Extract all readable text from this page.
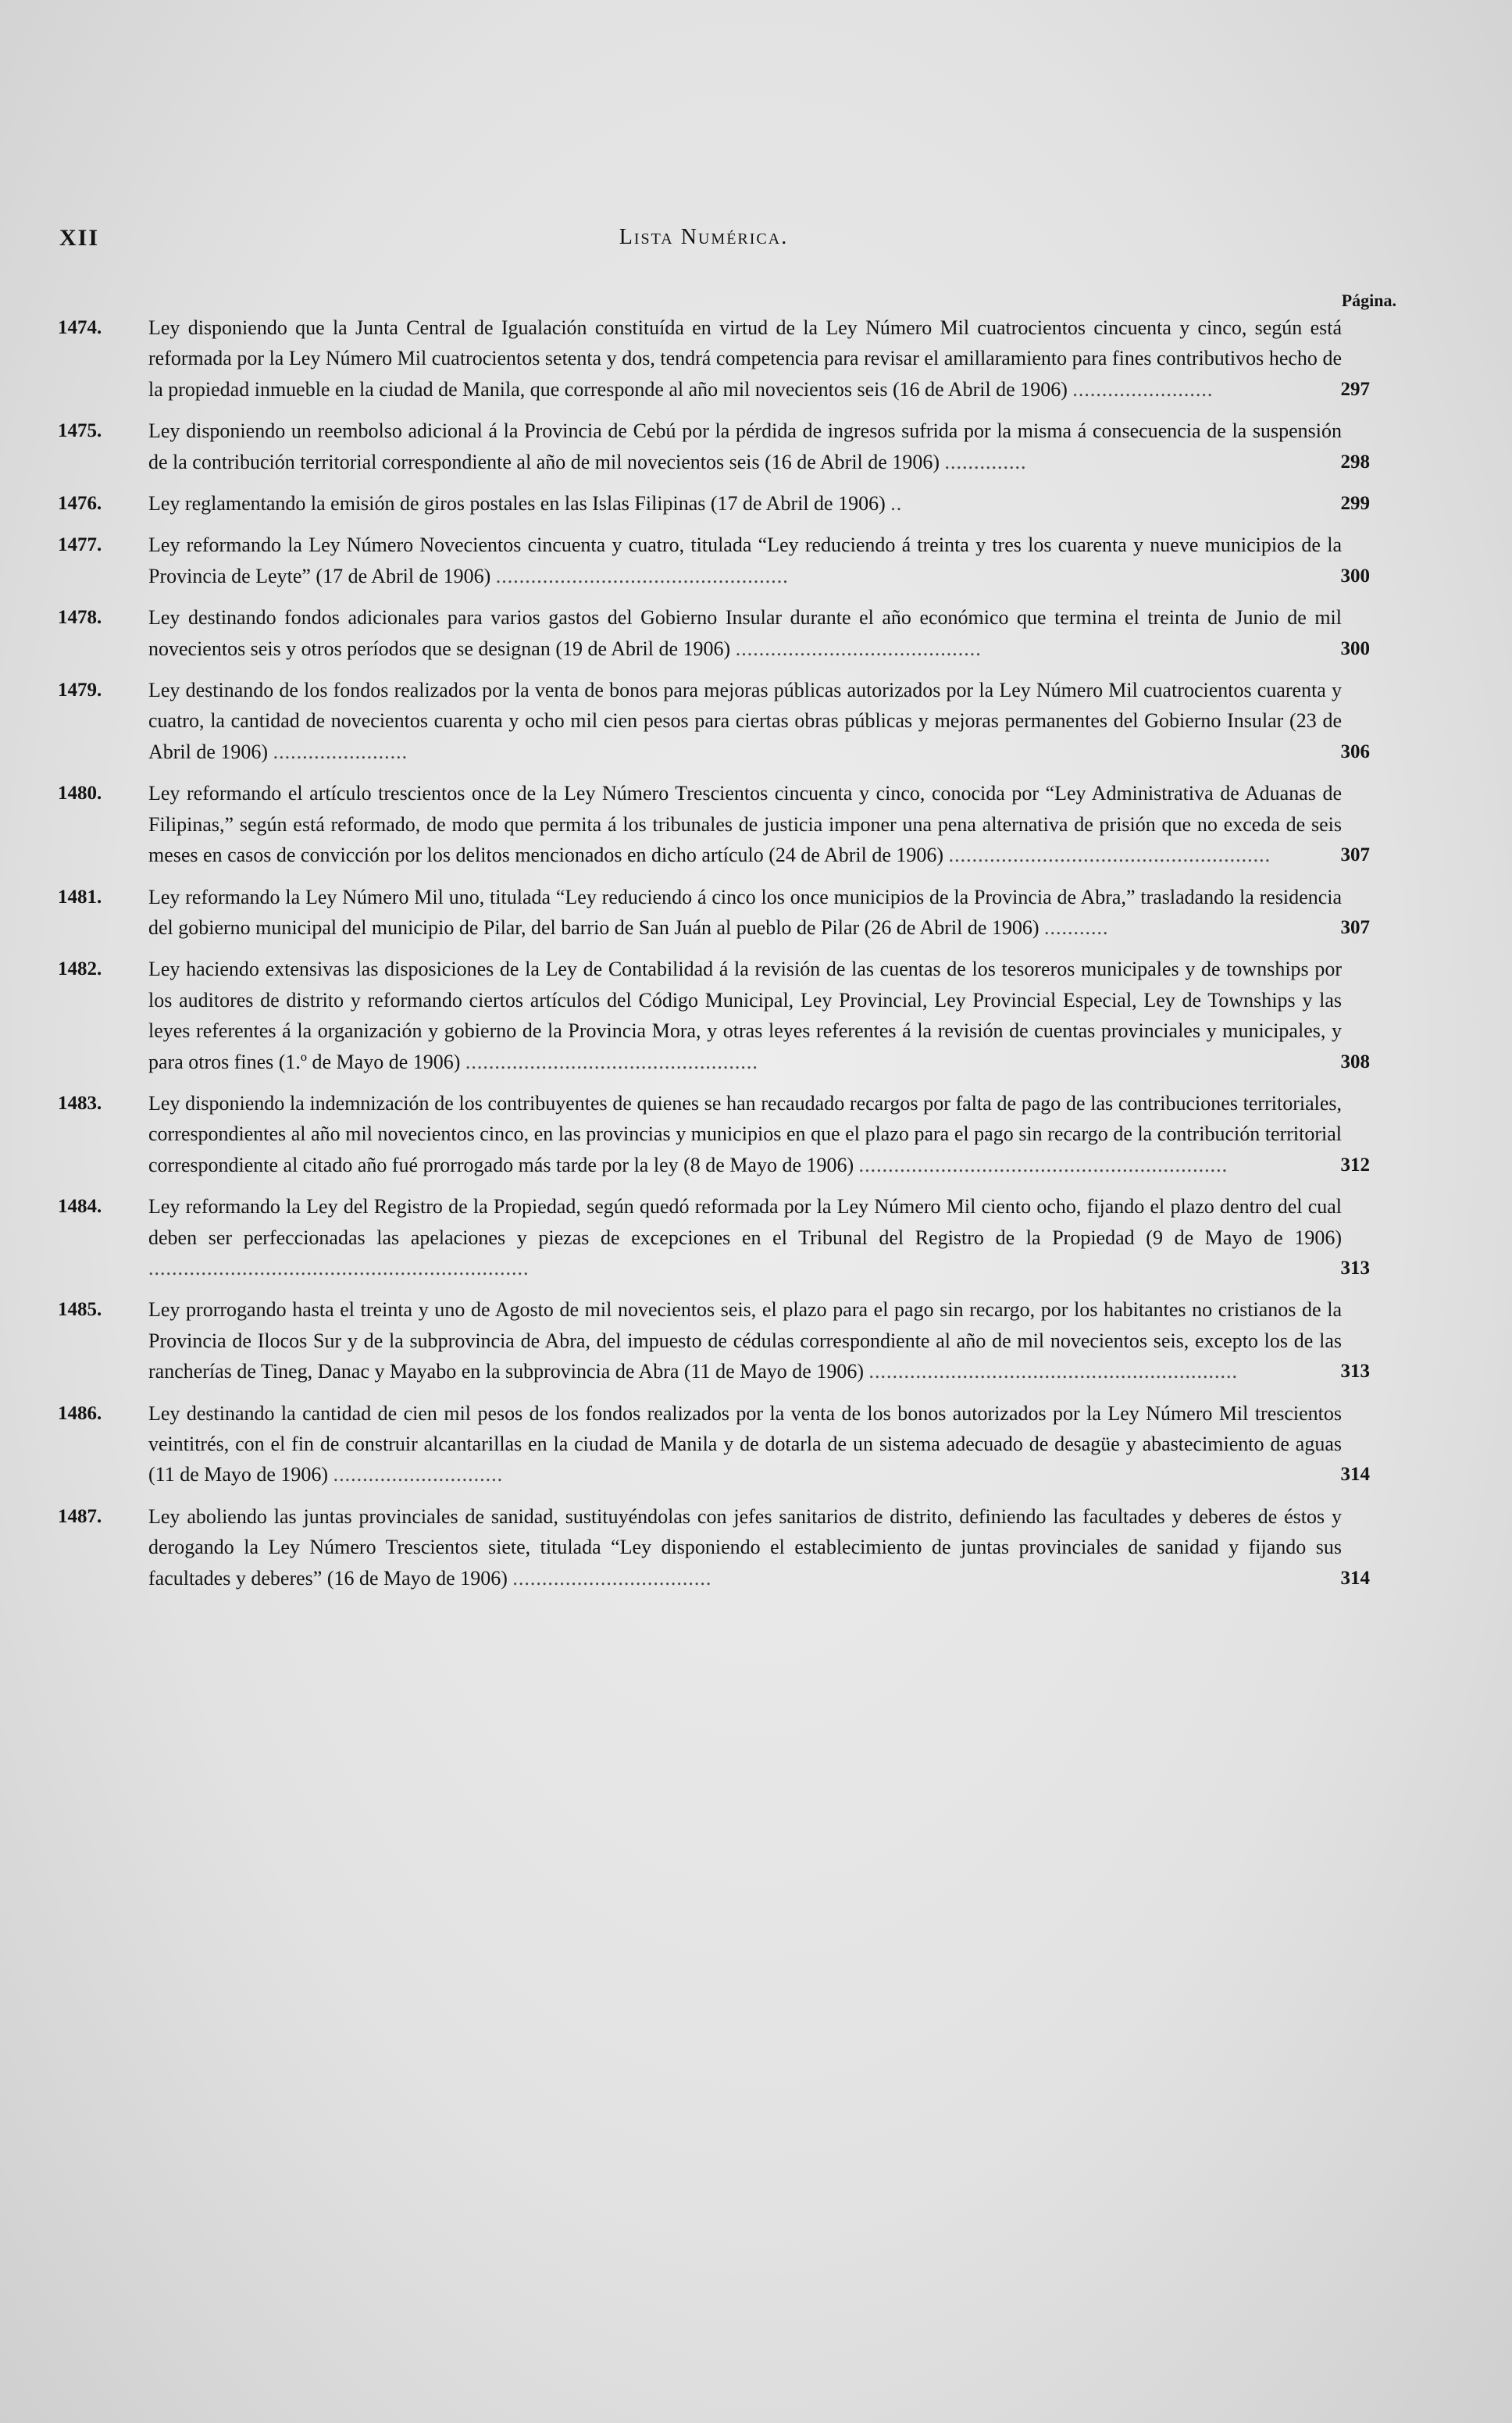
XII	Lista Numérica.
Página.
1474.	Ley disponiendo que la Junta Central de Igualación constituída en virtud de la Ley Número Mil cuatrocientos cincuenta y cinco, según está reformada por la Ley Número Mil cuatrocientos setenta y dos, tendrá competencia para revisar el amillaramiento para fines contributivos hecho de la propiedad inmueble en la ciudad de Manila, que corresponde al año mil novecientos seis (16 de Abril de 1906) ........................	297
1475.	Ley disponiendo un reembolso adicional á la Provincia de Cebú por la pérdida de ingresos sufrida por la misma á consecuencia de la suspensión de la contribución territorial correspondiente al año de mil novecientos seis (16 de Abril de 1906) ..............	298
1476.	Ley reglamentando la emisión de giros postales en las Islas Filipinas (17 de Abril de 1906) ..	299
1477.	Ley reformando la Ley Número Novecientos cincuenta y cuatro, titulada “Ley reduciendo á treinta y tres los cuarenta y nueve municipios de la Provincia de Leyte” (17 de Abril de 1906) ..................................................	300
1478.	Ley destinando fondos adicionales para varios gastos del Gobierno Insular durante el año económico que termina el treinta de Junio de mil novecientos seis y otros períodos que se designan (19 de Abril de 1906) ..........................................	300
1479.	Ley destinando de los fondos realizados por la venta de bonos para mejoras públicas autorizados por la Ley Número Mil cuatrocientos cuarenta y cuatro, la cantidad de novecientos cuarenta y ocho mil cien pesos para ciertas obras públicas y mejoras permanentes del Gobierno Insular (23 de Abril de 1906) .......................	306
1480.	Ley reformando el artículo trescientos once de la Ley Número Trescientos cincuenta y cinco, conocida por “Ley Administrativa de Aduanas de Filipinas,” según está reformado, de modo que permita á los tribunales de justicia imponer una pena alternativa de prisión que no exceda de seis meses en casos de convicción por los delitos mencionados en dicho artículo (24 de Abril de 1906) .......................................................	307
1481.	Ley reformando la Ley Número Mil uno, titulada “Ley reduciendo á cinco los once municipios de la Provincia de Abra,” trasladando la residencia del gobierno municipal del municipio de Pilar, del barrio de San Juán al pueblo de Pilar (26 de Abril de 1906) ...........	307
1482.	Ley haciendo extensivas las disposiciones de la Ley de Contabilidad á la revisión de las cuentas de los tesoreros municipales y de townships por los auditores de distrito y reformando ciertos artículos del Código Municipal, Ley Provincial, Ley Provincial Especial, Ley de Townships y las leyes referentes á la organización y gobierno de la Provincia Mora, y otras leyes referentes á la revisión de cuentas provinciales y municipales, y para otros fines (1.º de Mayo de 1906) ..................................................	308
1483.	Ley disponiendo la indemnización de los contribuyentes de quienes se han recaudado recargos por falta de pago de las contribuciones territoriales, correspondientes al año mil novecientos cinco, en las provincias y municipios en que el plazo para el pago sin recargo de la contribución territorial correspondiente al citado año fué prorrogado más tarde por la ley (8 de Mayo de 1906) ...............................................................	312
1484.	Ley reformando la Ley del Registro de la Propiedad, según quedó reformada por la Ley Número Mil ciento ocho, fijando el plazo dentro del cual deben ser perfeccionadas las apelaciones y piezas de excepciones en el Tribunal del Registro de la Propiedad (9 de Mayo de 1906) .................................................................	313
1485.	Ley prorrogando hasta el treinta y uno de Agosto de mil novecientos seis, el plazo para el pago sin recargo, por los habitantes no cristianos de la Provincia de Ilocos Sur y de la subprovincia de Abra, del impuesto de cédulas correspondiente al año de mil novecientos seis, excepto los de las rancherías de Tineg, Danac y Mayabo en la subprovincia de Abra (11 de Mayo de 1906) ...............................................................	313
1486.	Ley destinando la cantidad de cien mil pesos de los fondos realizados por la venta de los bonos autorizados por la Ley Número Mil trescientos veintitrés, con el fin de construir alcantarillas en la ciudad de Manila y de dotarla de un sistema adecuado de desagüe y abastecimiento de aguas (11 de Mayo de 1906) .............................	314
1487.	Ley aboliendo las juntas provinciales de sanidad, sustituyéndolas con jefes sanitarios de distrito, definiendo las facultades y deberes de éstos y derogando la Ley Número Trescientos siete, titulada “Ley disponiendo el establecimiento de juntas provinciales de sanidad y fijando sus facultades y deberes” (16 de Mayo de 1906) ..................................	314
